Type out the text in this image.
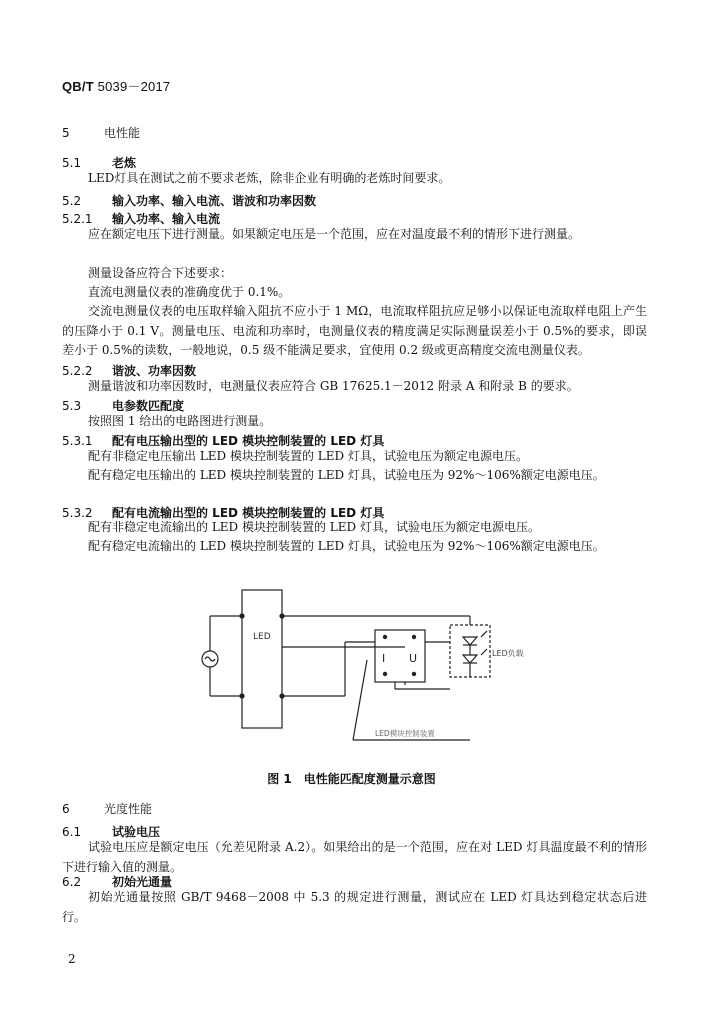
QB/T 5039－2017
5	电性能
5.1	老炼
LED灯具在测试之前不要求老炼，除非企业有明确的老炼时间要求。
5.2	输入功率、输入电流、谐波和功率因数
5.2.1 输入功率、输入电流
应在额定电压下进行测量。如果额定电压是一个范围，应在对温度最不利的情形下进行测量。
测量设备应符合下述要求：
直流电测量仪表的准确度优于 0.1%。
交流电测量仪表的电压取样输入阻抗不应小于 1 MΩ，电流取样阻抗应足够小以保证电流取样电阻上产生的压降小于 0.1 V。测量电压、电流和功率时，电测量仪表的精度满足实际测量误差小于 0.5%的要求，即误差小于 0.5%的读数，一般地说，0.5 级不能满足要求，宜使用 0.2 级或更高精度交流电测量仪表。
5.2.2 谐波、功率因数
测量谐波和功率因数时，电测量仪表应符合 GB 17625.1－2012 附录 A 和附录 B 的要求。
5.3	电参数匹配度
按照图 1 给出的电路图进行测量。
5.3.1 配有电压输出型的 LED 模块控制装置的 LED 灯具
配有非稳定电压输出 LED 模块控制装置的 LED 灯具，试验电压为额定电源电压。
配有稳定电压输出的 LED 模块控制装置的 LED 灯具，试验电压为 92%～106%额定电源电压。
5.3.2 配有电流输出型的 LED 模块控制装置的 LED 灯具
配有非稳定电流输出的 LED 模块控制装置的 LED 灯具，试验电压为额定电源电压。
配有稳定电流输出的 LED 模块控制装置的 LED 灯具，试验电压为 92%～106%额定电源电压。
LED
I U	LED负载
LED模块控制装置
图 1　电性能匹配度测量示意图
6	光度性能
6.1	试验电压
试验电压应是额定电压（允差见附录 A.2）。如果给出的是一个范围，应在对 LED 灯具温度最不利的情形下进行输入值的测量。
6.2	初始光通量
初始光通量按照 GB/T 9468－2008 中 5.3 的规定进行测量，测试应在 LED 灯具达到稳定状态后进行。
2
